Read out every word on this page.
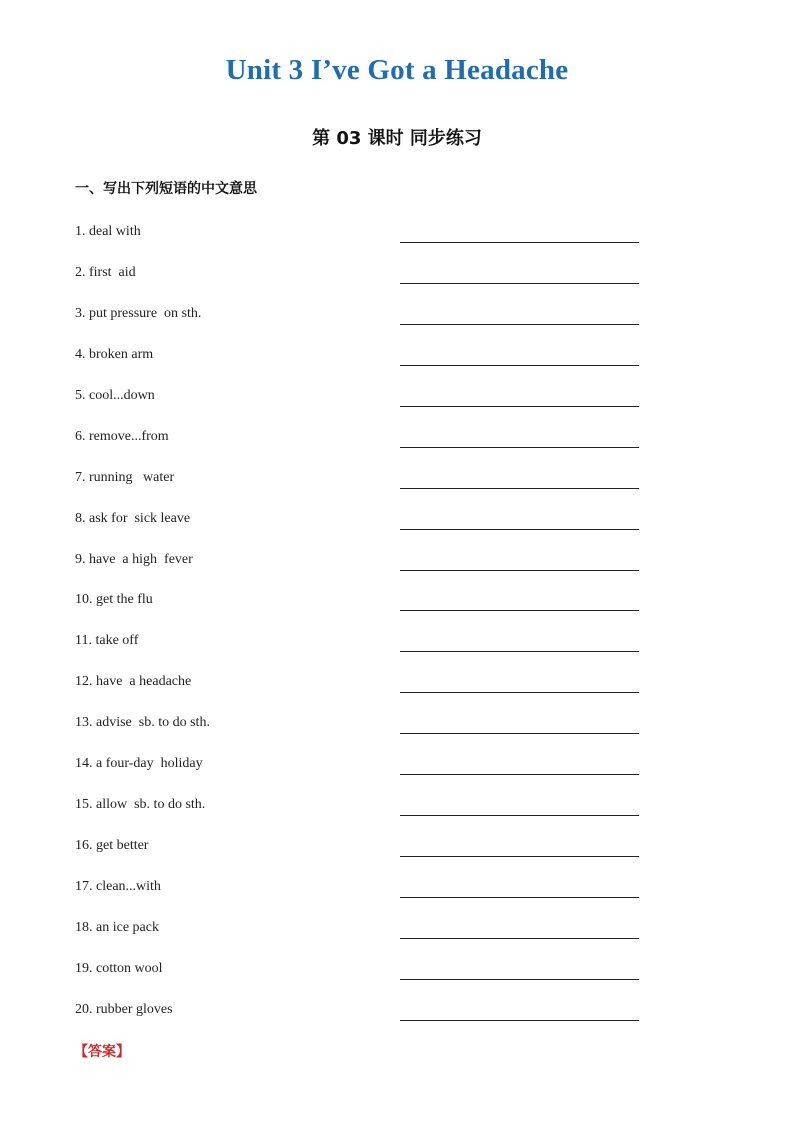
Unit 3 I’ve Got a Headache
第 03 课时 同步练习
一、写出下列短语的中文意思
1. deal with
2. first  aid
3. put pressure  on sth.
4. broken arm
5. cool...down
6. remove...from
7. running   water
8. ask for  sick leave
9. have  a high  fever
10. get the flu
11. take off
12. have  a headache
13. advise  sb. to do sth.
14. a four-day  holiday
15. allow  sb. to do sth.
16. get better
17. clean...with
18. an ice pack
19. cotton wool
20. rubber gloves
【答案】
